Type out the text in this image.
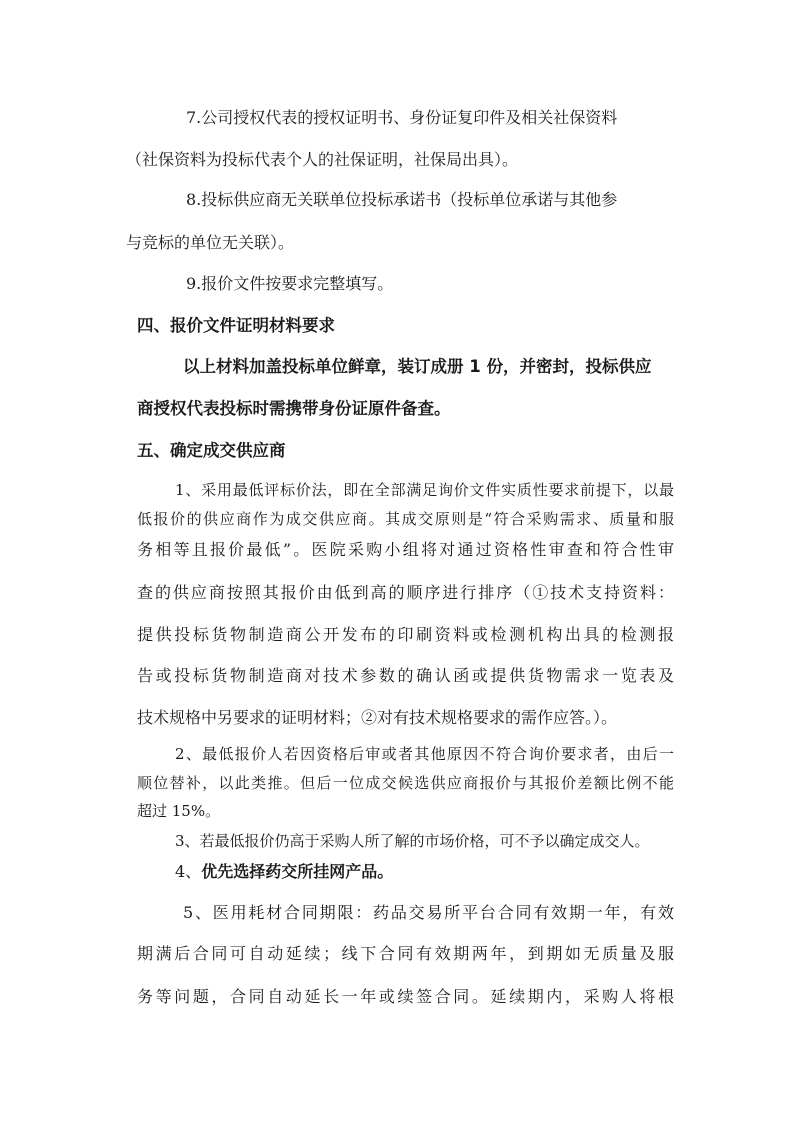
7.公司授权代表的授权证明书、身份证复印件及相关社保资料

（社保资料为投标代表个人的社保证明，社保局出具）。

8.投标供应商无关联单位投标承诺书（投标单位承诺与其他参

与竞标的单位无关联）。

9.报价文件按要求完整填写。

四、报价文件证明材料要求

以上材料加盖投标单位鲜章，装订成册 1 份，并密封，投标供应

商授权代表投标时需携带身份证原件备查。

五、确定成交供应商

1、采用最低评标价法，即在全部满足询价文件实质性要求前提下，以最

低报价的供应商作为成交供应商。其成交原则是“符合采购需求、质量和服

务相等且报价最低”。医院采购小组将对通过资格性审查和符合性审

查的供应商按照其报价由低到高的顺序进行排序（①技术支持资料：

提供投标货物制造商公开发布的印刷资料或检测机构出具的检测报

告或投标货物制造商对技术参数的确认函或提供货物需求一览表及

技术规格中另要求的证明材料；②对有技术规格要求的需作应答。）。

2、最低报价人若因资格后审或者其他原因不符合询价要求者，由后一

顺位替补，以此类推。但后一位成交候选供应商报价与其报价差额比例不能

超过 15%。

3、若最低报价仍高于采购人所了解的市场价格，可不予以确定成交人。

4、优先选择药交所挂网产品。

5、医用耗材合同期限：药品交易所平台合同有效期一年，有效

期满后合同可自动延续；线下合同有效期两年，到期如无质量及服

务等问题，合同自动延长一年或续签合同。延续期内，采购人将根
